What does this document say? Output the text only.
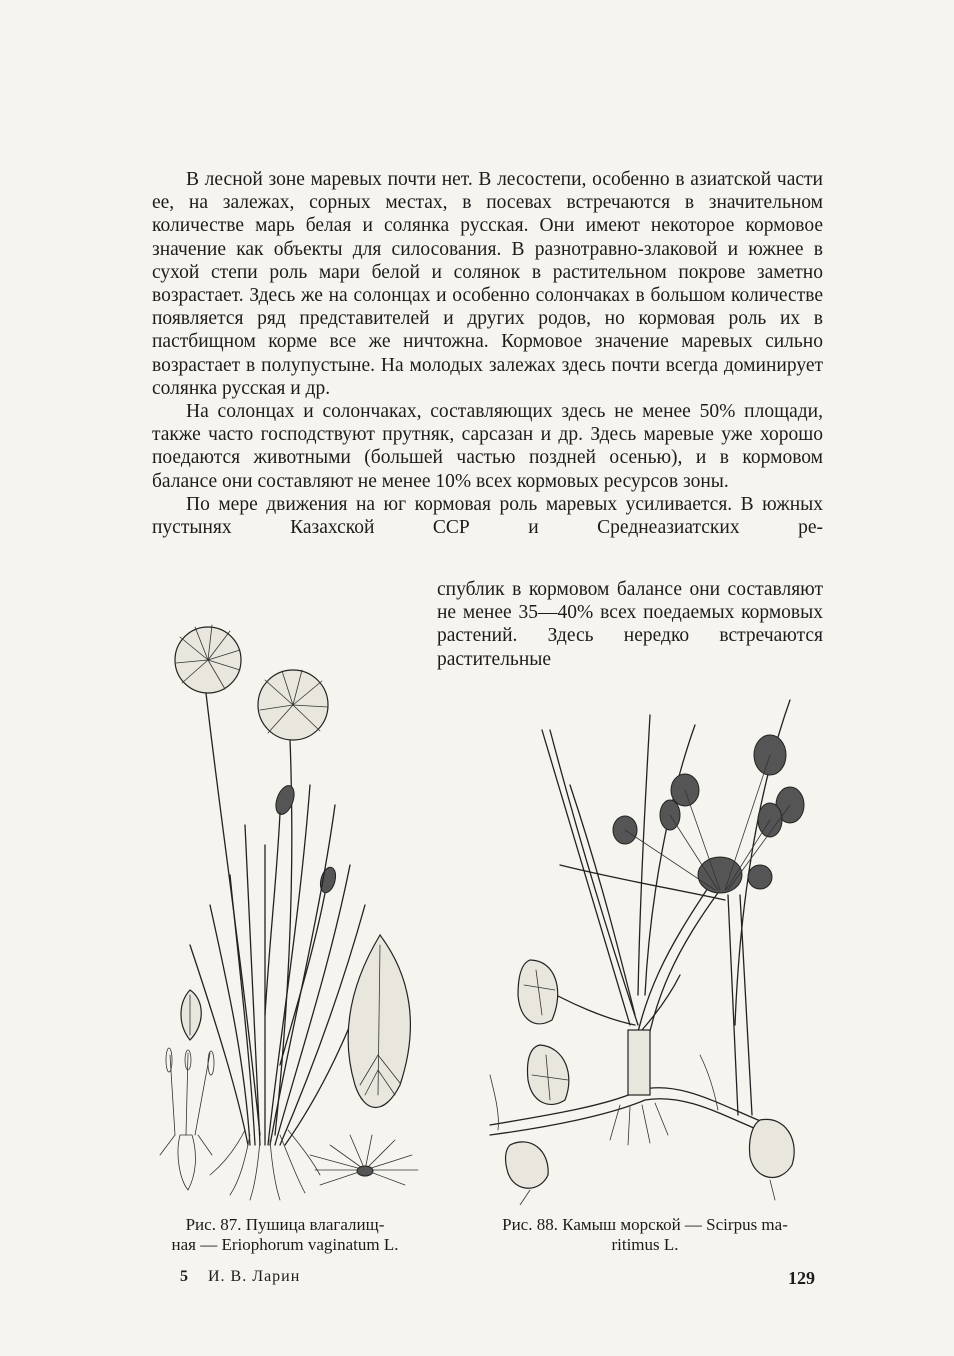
В лесной зоне маревых почти нет. В лесостепи, особенно в азиатской части ее, на залежах, сорных местах, в посевах встречаются в значительном количестве марь белая и солянка русская. Они имеют некоторое кормовое значение как объекты для силосования. В разнотравно-злаковой и южнее в сухой степи роль мари белой и солянок в растительном покрове заметно возрастает. Здесь же на солонцах и особенно солончаках в большом количестве появляется ряд представителей и других родов, но кормовая роль их в пастбищном корме все же ничтожна. Кормовое значение маревых сильно возрастает в полупустыне. На молодых залежах здесь почти всегда доминирует солянка русская и др.

На солонцах и солончаках, составляющих здесь не менее 50% площади, также часто господствуют прутняк, сарсазан и др. Здесь маревые уже хорошо поедаются животными (большей частью поздней осенью), и в кормовом балансе они составляют не менее 10% всех кормовых ресурсов зоны.

По мере движения на юг кормовая роль маревых усиливается. В южных пустынях Казахской ССР и Среднеазиатских ре-

спублик в кормовом балансе они составляют не менее 35—40% всех поедаемых кормовых растений. Здесь нередко встречаются растительные

Рис. 87. Пушица влагалищ-
ная — Eriophorum vaginatum L.
Рис. 88. Камыш морской — Scirpus ma-
ritimus L.
5 И. В. Ларин	129
